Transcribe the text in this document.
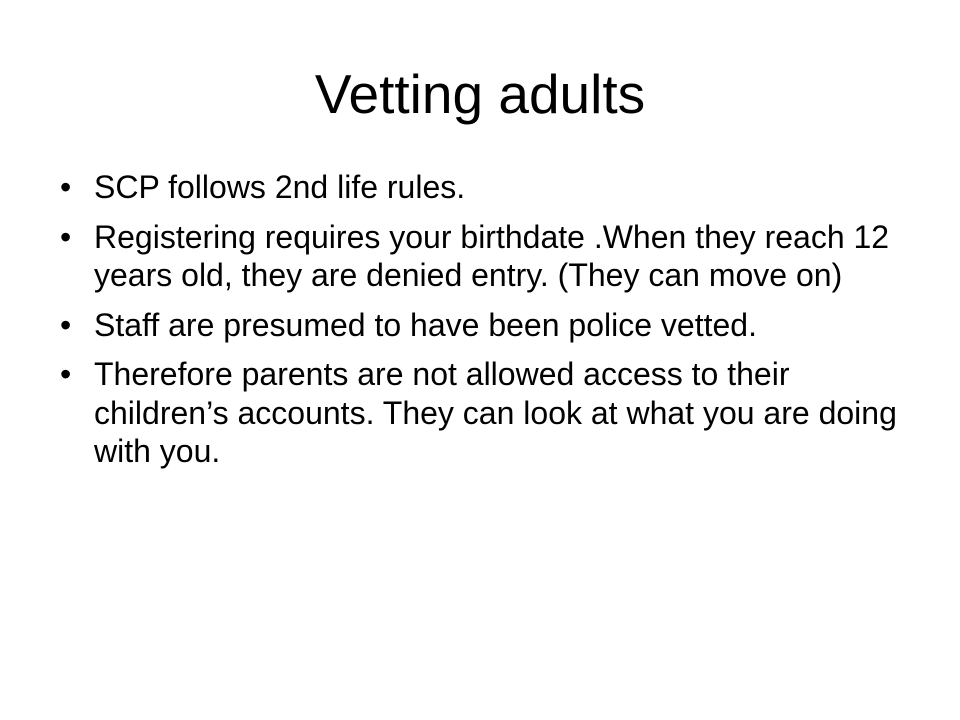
Vetting adults
• SCP follows 2nd life rules.
• Registering requires your birthdate .When they reach 12 years old, they are denied entry. (They can move on)
• Staff are presumed to have been police vetted.
• Therefore parents are not allowed access to their children’s accounts. They can look at what you are doing with you.
